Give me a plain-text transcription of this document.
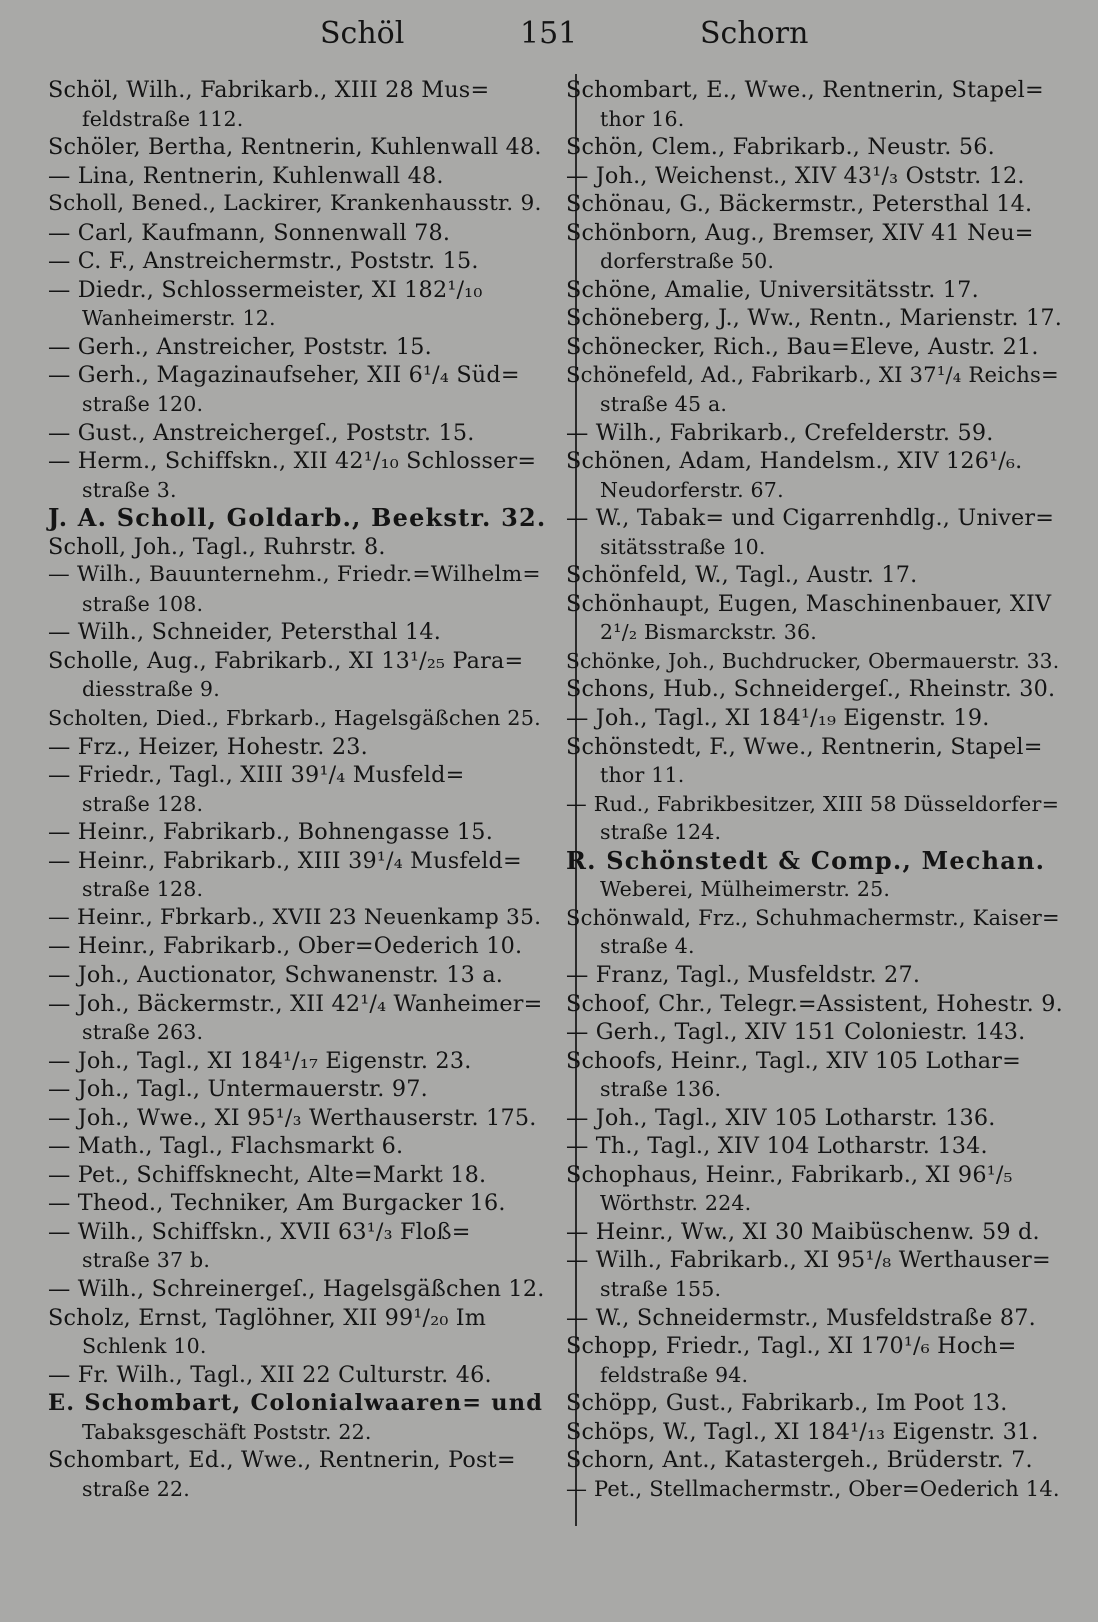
Schöl	151	Schorn
Schöl, Wilh., Fabrikarb., XIII 28 Mus=
feldstraße 112.
Schöler, Bertha, Rentnerin, Kuhlenwall 48.
— Lina, Rentnerin, Kuhlenwall 48.
Scholl, Bened., Lackirer, Krankenhausstr. 9.
— Carl, Kaufmann, Sonnenwall 78.
— C. F., Anstreichermstr., Poststr. 15.
— Diedr., Schlossermeister, XI 182¹/₁₀
Wanheimerstr. 12.
— Gerh., Anstreicher, Poststr. 15.
— Gerh., Magazinaufseher, XII 6¹/₄ Süd=
straße 120.
— Gust., Anstreichergeſ., Poststr. 15.
— Herm., Schiffskn., XII 42¹/₁₀ Schlosser=
straße 3.
J. A. Scholl, Goldarb., Beekstr. 32.
Scholl, Joh., Tagl., Ruhrstr. 8.
— Wilh., Bauunternehm., Friedr.=Wilhelm=
straße 108.
— Wilh., Schneider, Petersthal 14.
Scholle, Aug., Fabrikarb., XI 13¹/₂₅ Para=
diesstraße 9.
Scholten, Died., Fbrkarb., Hagelsgäßchen 25.
— Frz., Heizer, Hohestr. 23.
— Friedr., Tagl., XIII 39¹/₄ Musfeld=
straße 128.
— Heinr., Fabrikarb., Bohnengasse 15.
— Heinr., Fabrikarb., XIII 39¹/₄ Musfeld=
straße 128.
— Heinr., Fbrkarb., XVII 23 Neuenkamp 35.
— Heinr., Fabrikarb., Ober=Oederich 10.
— Joh., Auctionator, Schwanenstr. 13 a.
— Joh., Bäckermstr., XII 42¹/₄ Wanheimer=
straße 263.
— Joh., Tagl., XI 184¹/₁₇ Eigenstr. 23.
— Joh., Tagl., Untermauerstr. 97.
— Joh., Wwe., XI 95¹/₃ Werthauserstr. 175.
— Math., Tagl., Flachsmarkt 6.
— Pet., Schiffsknecht, Alte=Markt 18.
— Theod., Techniker, Am Burgacker 16.
— Wilh., Schiffskn., XVII 63¹/₃ Floß=
straße 37 b.
— Wilh., Schreinergeſ., Hagelsgäßchen 12.
Scholz, Ernst, Taglöhner, XII 99¹/₂₀ Im
Schlenk 10.
— Fr. Wilh., Tagl., XII 22 Culturstr. 46.
E. Schombart, Colonialwaaren= und
Tabaksgeschäft Poststr. 22.
Schombart, Ed., Wwe., Rentnerin, Post=
straße 22.
Schombart, E., Wwe., Rentnerin, Stapel=
thor 16.
Schön, Clem., Fabrikarb., Neustr. 56.
— Joh., Weichenst., XIV 43¹/₃ Oststr. 12.
Schönau, G., Bäckermstr., Petersthal 14.
Schönborn, Aug., Bremser, XIV 41 Neu=
dorferstraße 50.
Schöne, Amalie, Universitätsstr. 17.
Schöneberg, J., Ww., Rentn., Marienstr. 17.
Schönecker, Rich., Bau=Eleve, Austr. 21.
Schönefeld, Ad., Fabrikarb., XI 37¹/₄ Reichs=
straße 45 a.
— Wilh., Fabrikarb., Crefelderstr. 59.
Schönen, Adam, Handelsm., XIV 126¹/₆.
Neudorferstr. 67.
— W., Tabak= und Cigarrenhdlg., Univer=
sitätsstraße 10.
Schönfeld, W., Tagl., Austr. 17.
Schönhaupt, Eugen, Maschinenbauer, XIV
2¹/₂ Bismarckstr. 36.
Schönke, Joh., Buchdrucker, Obermauerstr. 33.
Schons, Hub., Schneidergeſ., Rheinstr. 30.
— Joh., Tagl., XI 184¹/₁₉ Eigenstr. 19.
Schönstedt, F., Wwe., Rentnerin, Stapel=
thor 11.
— Rud., Fabrikbesitzer, XIII 58 Düsseldorfer=
straße 124.
R. Schönstedt & Comp., Mechan.
Weberei, Mülheimerstr. 25.
Schönwald, Frz., Schuhmachermstr., Kaiser=
straße 4.
— Franz, Tagl., Musfeldstr. 27.
Schoof, Chr., Telegr.=Assistent, Hohestr. 9.
— Gerh., Tagl., XIV 151 Coloniestr. 143.
Schoofs, Heinr., Tagl., XIV 105 Lothar=
straße 136.
— Joh., Tagl., XIV 105 Lotharstr. 136.
— Th., Tagl., XIV 104 Lotharstr. 134.
Schophaus, Heinr., Fabrikarb., XI 96¹/₅
Wörthstr. 224.
— Heinr., Ww., XI 30 Maibüschenw. 59 d.
— Wilh., Fabrikarb., XI 95¹/₈ Werthauser=
straße 155.
— W., Schneidermstr., Musfeldstraße 87.
Schopp, Friedr., Tagl., XI 170¹/₆ Hoch=
feldstraße 94.
Schöpp, Gust., Fabrikarb., Im Poot 13.
Schöps, W., Tagl., XI 184¹/₁₃ Eigenstr. 31.
Schorn, Ant., Katastergeh., Brüderstr. 7.
— Pet., Stellmachermstr., Ober=Oederich 14.
